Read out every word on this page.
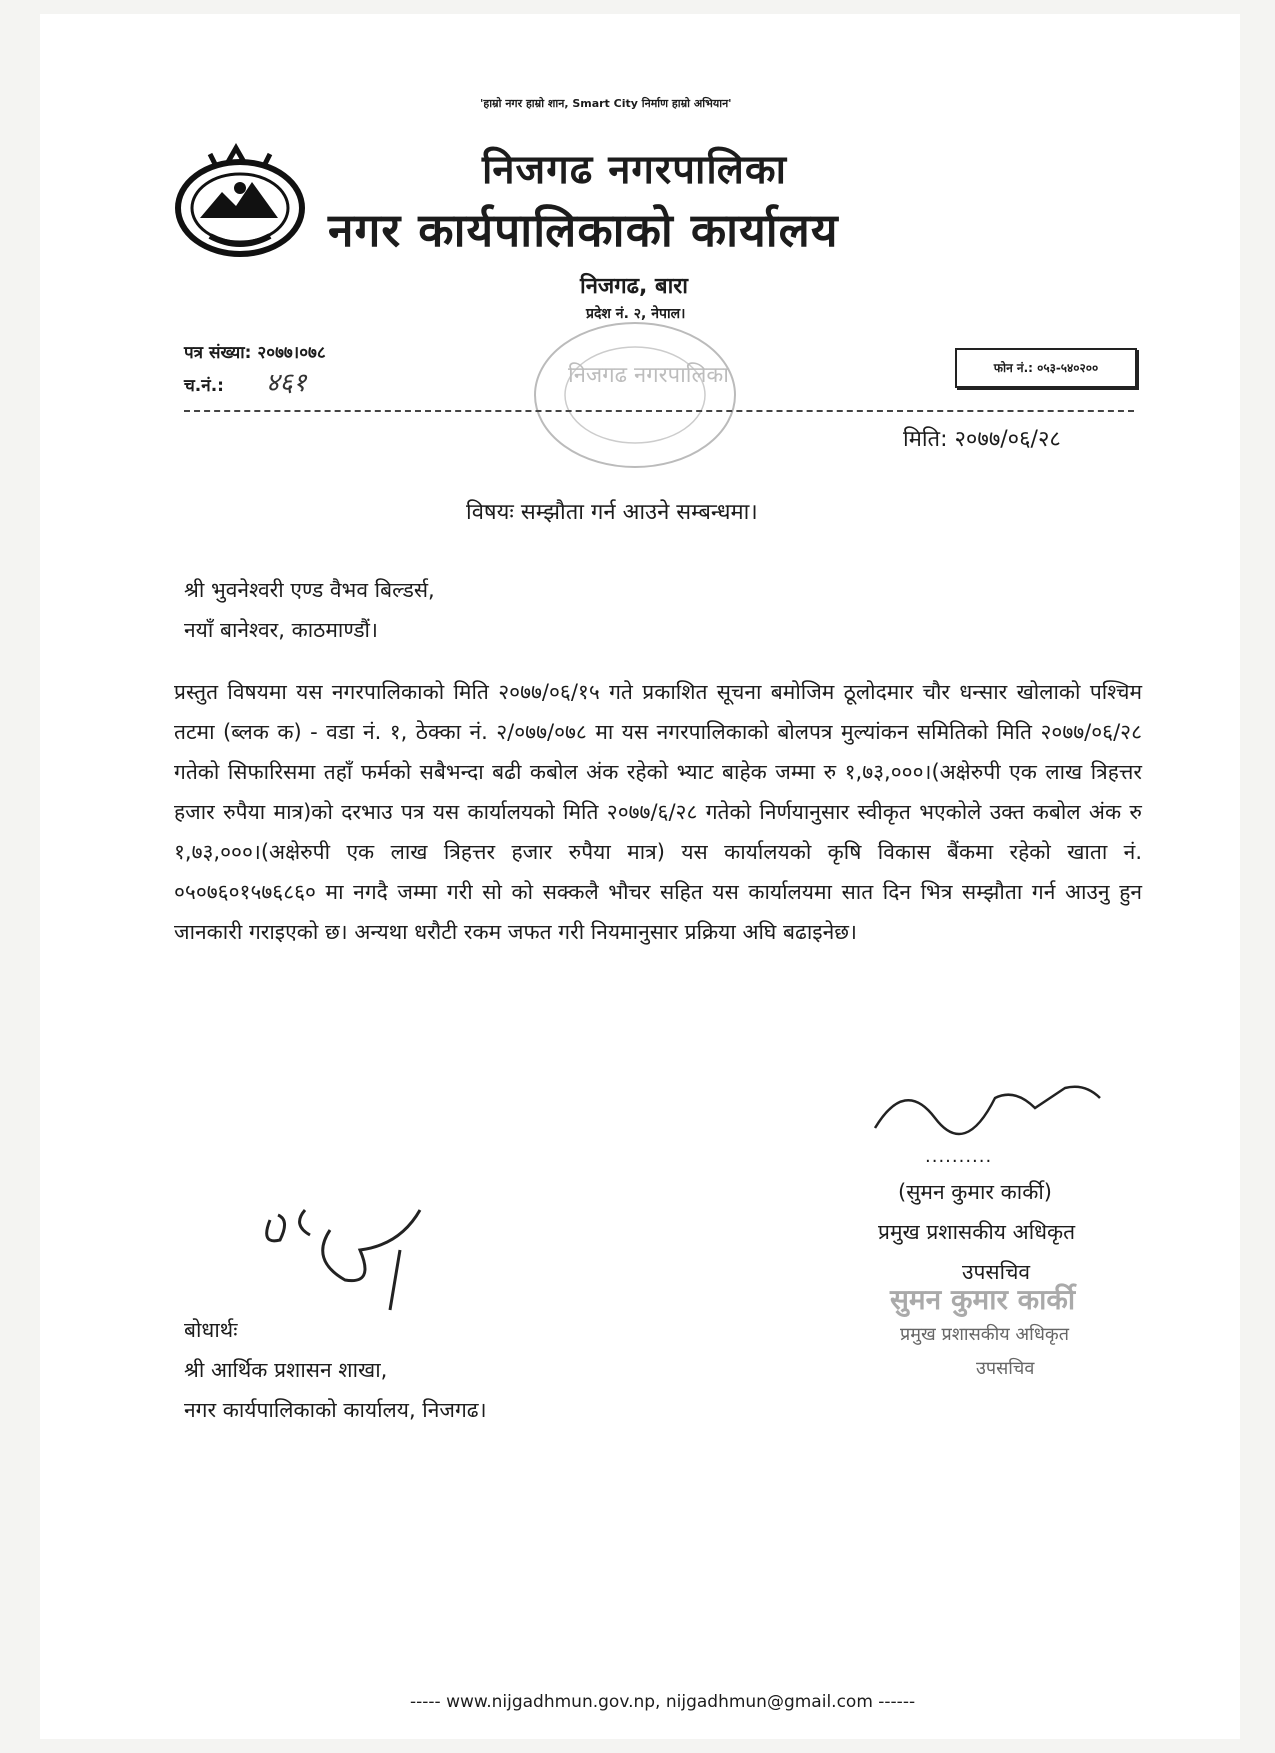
'हाम्रो नगर हाम्रो शान, Smart City निर्माण हाम्रो अभियान'
निजगढ नगरपालिका
नगर कार्यपालिकाको कार्यालय
निजगढ, बारा
प्रदेश नं. २, नेपाल।
निजगढ नगरपालिका
पत्र संख्या: २०७७।०७८
च.नं.: ४६१	फोन नं.: ०५३-५४०२००
मिति: २०७७/०६/२८
विषयः सम्झौता गर्न आउने सम्बन्धमा।
श्री भुवनेश्वरी एण्ड वैभव बिल्डर्स,
नयाँ बानेश्वर, काठमाण्डौं।
प्रस्तुत विषयमा यस नगरपालिकाको मिति २०७७/०६/१५ गते प्रकाशित सूचना बमोजिम ठूलोदमार चौर धन्सार खोलाको पश्चिम तटमा (ब्लक क) - वडा नं. १, ठेक्का नं. २/०७७/०७८ मा यस नगरपालिकाको बोलपत्र मुल्यांकन समितिको मिति २०७७/०६/२८ गतेको सिफारिसमा तहाँ फर्मको सबैभन्दा बढी कबोल अंक रहेको भ्याट बाहेक जम्मा रु १,७३,०००।(अक्षेरुपी एक लाख त्रिहत्तर हजार रुपैया मात्र)को दरभाउ पत्र यस कार्यालयको मिति २०७७/६/२८ गतेको निर्णयानुसार स्वीकृत भएकोले उक्त कबोल अंक रु १,७३,०००।(अक्षेरुपी एक लाख त्रिहत्तर हजार रुपैया मात्र) यस कार्यालयको कृषि विकास बैंकमा रहेको खाता नं. ०५०७६०१५७६८६० मा नगदै जम्मा गरी सो को सक्कलै भौचर सहित यस कार्यालयमा सात दिन भित्र सम्झौता गर्न आउनु हुन जानकारी गराइएको छ। अन्यथा धरौटी रकम जफत गरी नियमानुसार प्रक्रिया अघि बढाइनेछ।
..........
(सुमन कुमार कार्की)
प्रमुख प्रशासकीय अधिकृत
उपसचिव
सुमन कुमार कार्की
प्रमुख प्रशासकीय अधिकृत
उपसचिव
बोधार्थः
श्री आर्थिक प्रशासन शाखा,
नगर कार्यपालिकाको कार्यालय, निजगढ।
----- www.nijgadhmun.gov.np, nijgadhmun@gmail.com ------
